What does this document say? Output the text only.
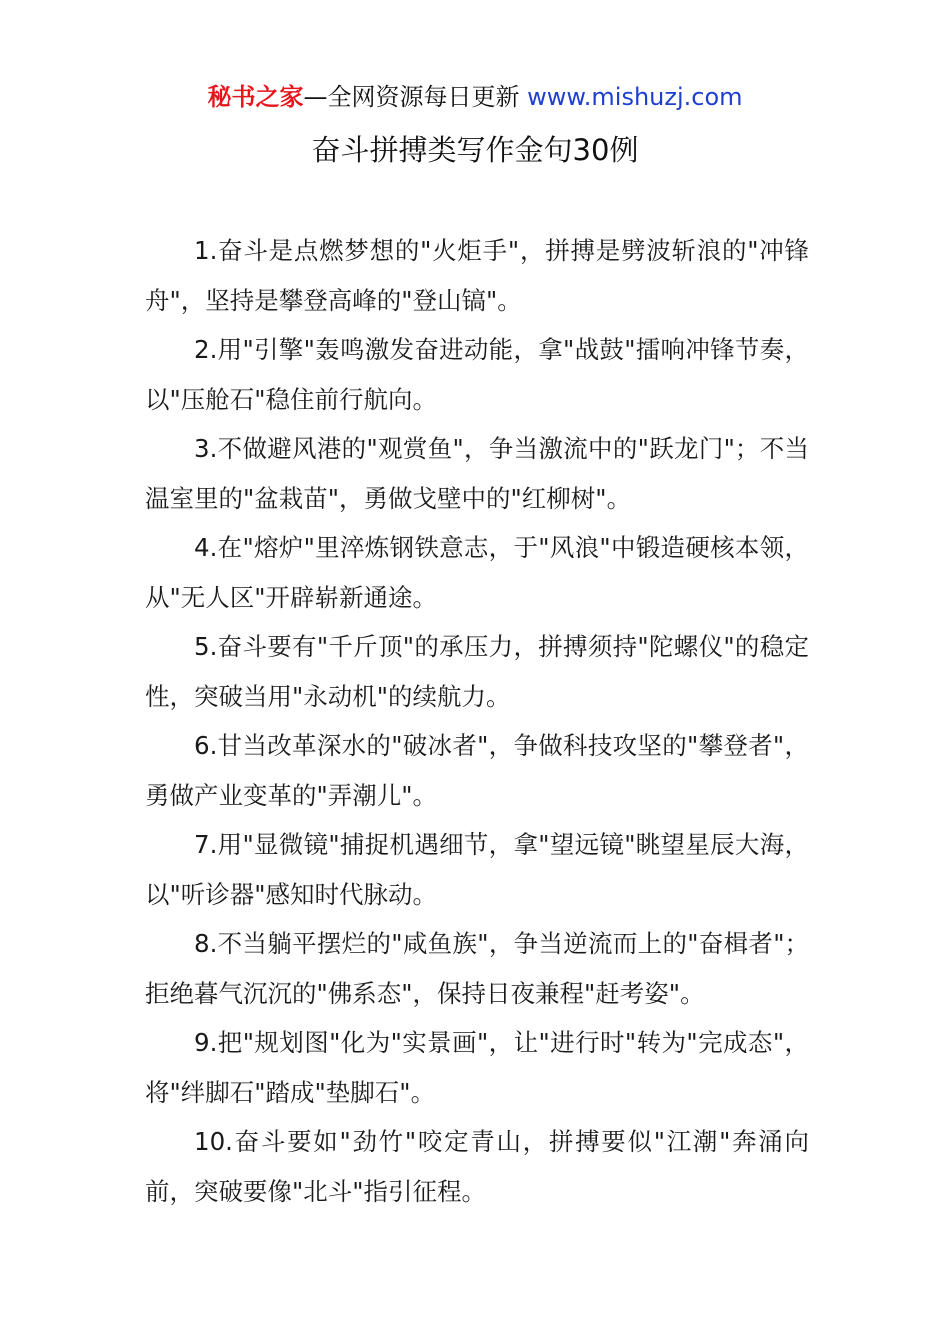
秘书之家—全网资源每日更新 www.mishuzj.com
奋斗拼搏类写作金句30例

1.奋斗是点燃梦想的"火炬手"，拼搏是劈波斩浪的"冲锋舟"，坚持是攀登高峰的"登山镐"。

2.用"引擎"轰鸣激发奋进动能，拿"战鼓"擂响冲锋节奏，以"压舱石"稳住前行航向。

3.不做避风港的"观赏鱼"，争当激流中的"跃龙门"；不当温室里的"盆栽苗"，勇做戈壁中的"红柳树"。

4.在"熔炉"里淬炼钢铁意志，于"风浪"中锻造硬核本领，从"无人区"开辟崭新通途。

5.奋斗要有"千斤顶"的承压力，拼搏须持"陀螺仪"的稳定性，突破当用"永动机"的续航力。

6.甘当改革深水的"破冰者"，争做科技攻坚的"攀登者"，勇做产业变革的"弄潮儿"。

7.用"显微镜"捕捉机遇细节，拿"望远镜"眺望星辰大海，以"听诊器"感知时代脉动。

8.不当躺平摆烂的"咸鱼族"，争当逆流而上的"奋楫者"；拒绝暮气沉沉的"佛系态"，保持日夜兼程"赶考姿"。

9.把"规划图"化为"实景画"，让"进行时"转为"完成态"，将"绊脚石"踏成"垫脚石"。

10.奋斗要如"劲竹"咬定青山，拼搏要似"江潮"奔涌向前，突破要像"北斗"指引征程。
